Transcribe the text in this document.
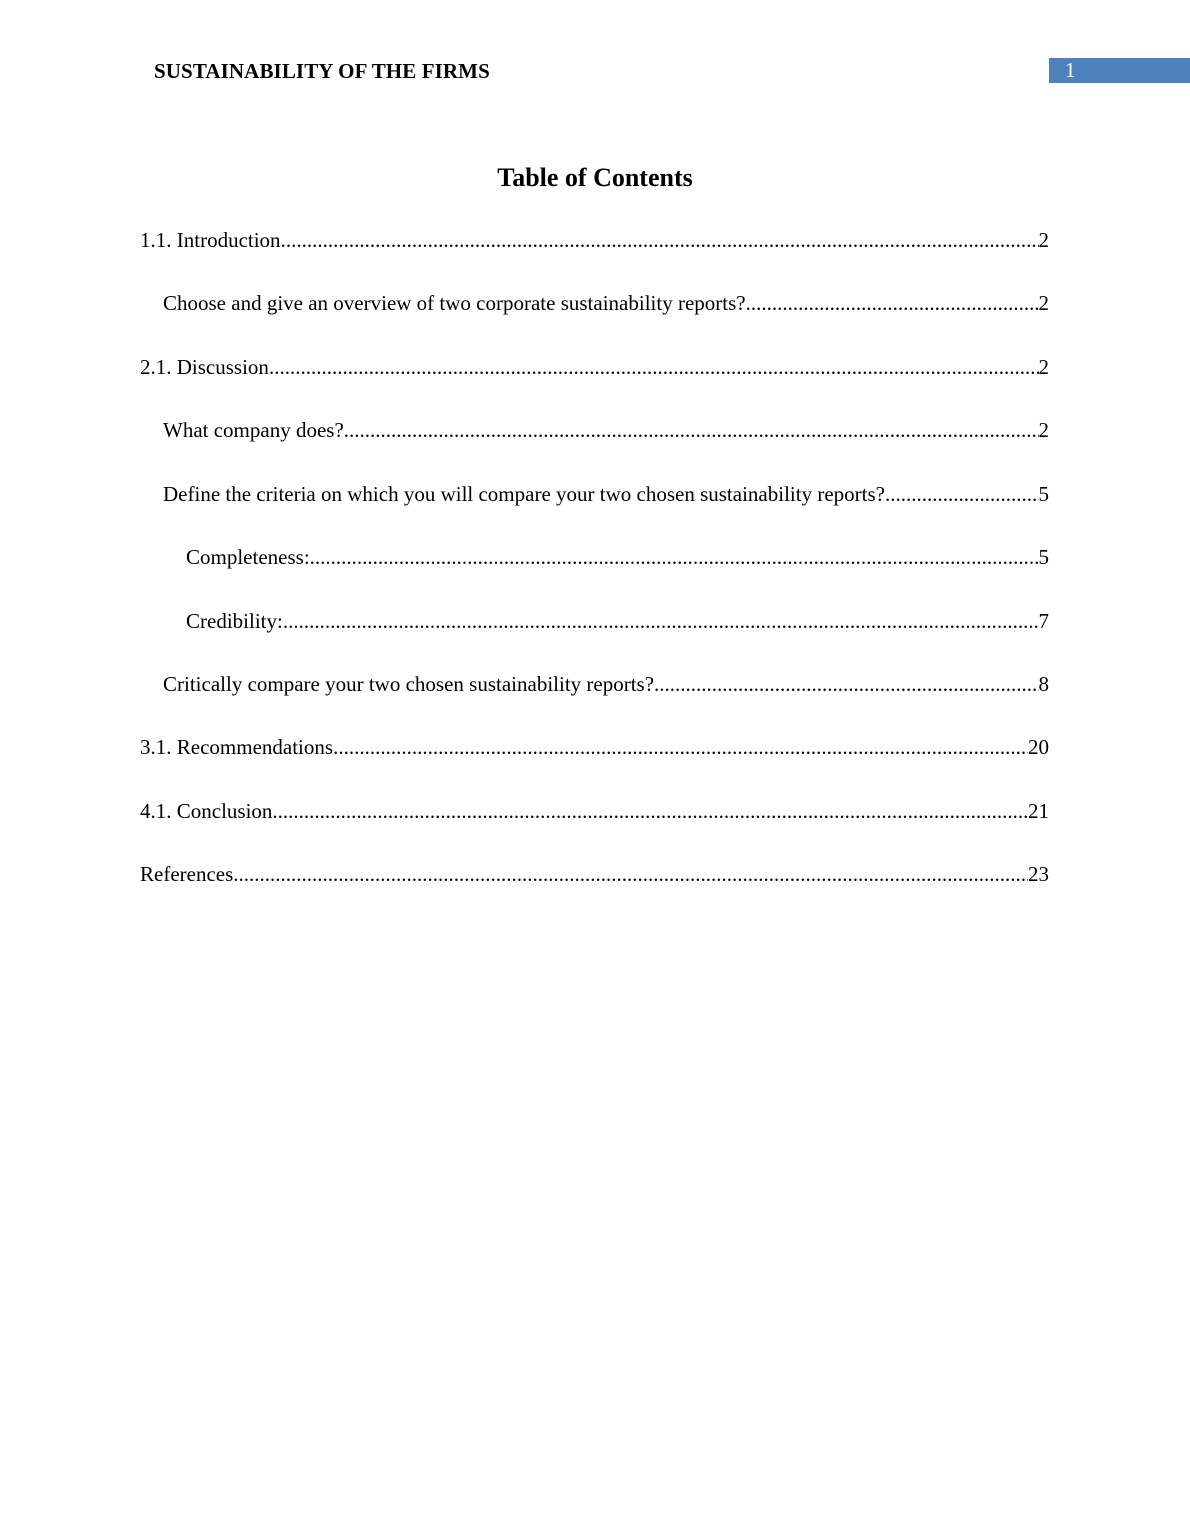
SUSTAINABILITY OF THE FIRMS	1
Table of Contents
1.1. Introduction .....	2
Choose and give an overview of two corporate sustainability reports? .....	2
2.1. Discussion .....	2
What company does? .....	2
Define the criteria on which you will compare your two chosen sustainability reports? .....	5
Completeness: .....	5
Credibility: .....	7
Critically compare your two chosen sustainability reports? .....	8
3.1. Recommendations .....	20
4.1. Conclusion .....	21
References .....	23
